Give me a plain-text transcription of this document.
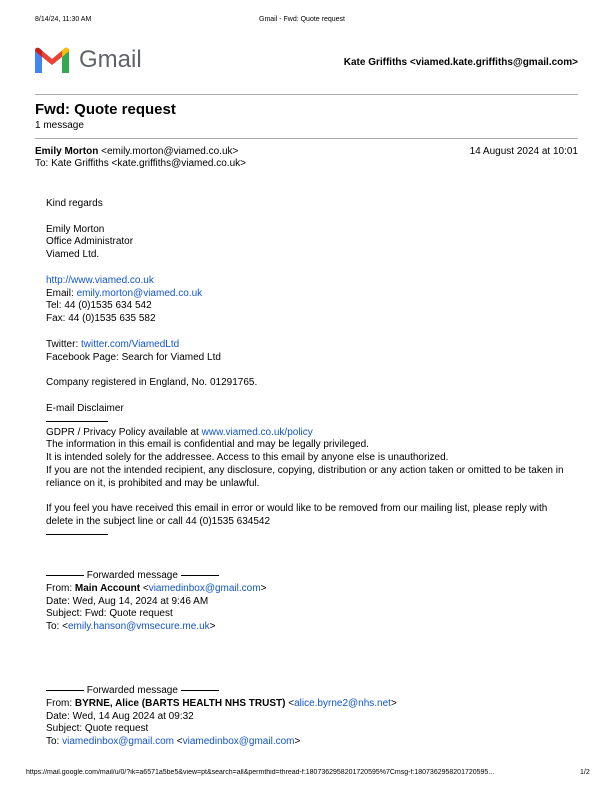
8/14/24, 11:30 AM	Gmail - Fwd: Quote request
Gmail	Kate Griffiths <viamed.kate.griffiths@gmail.com>
Fwd: Quote request
1 message
Emily Morton <emily.morton@viamed.co.uk>	14 August 2024 at 10:01
To: Kate Griffiths <kate.griffiths@viamed.co.uk>
Kind regards
Emily Morton
Office Administrator
Viamed Ltd.
http://www.viamed.co.uk
Email: emily.morton@viamed.co.uk
Tel: 44 (0)1535 634 542
Fax: 44 (0)1535 635 582
Twitter: twitter.com/ViamedLtd
Facebook Page: Search for Viamed Ltd
Company registered in England, No. 01291765.
E-mail Disclaimer
GDPR / Privacy Policy available at www.viamed.co.uk/policy
The information in this email is confidential and may be legally privileged.
It is intended solely for the addressee. Access to this email by anyone else is unauthorized.
If you are not the intended recipient, any disclosure, copying, distribution or any action taken or omitted to be taken in reliance on it, is prohibited and may be unlawful.
If you feel you have received this email in error or would like to be removed from our mailing list, please reply with delete in the subject line or call 44 (0)1535 634542
Forwarded message
From: Main Account <viamedinbox@gmail.com>
Date: Wed, Aug 14, 2024 at 9:46 AM
Subject: Fwd: Quote request
To: <emily.hanson@vmsecure.me.uk>
Forwarded message
From: BYRNE, Alice (BARTS HEALTH NHS TRUST) <alice.byrne2@nhs.net>
Date: Wed, 14 Aug 2024 at 09:32
Subject: Quote request
To: viamedinbox@gmail.com <viamedinbox@gmail.com>
https://mail.google.com/mail/u/0/?ik=a6571a5be5&view=pt&search=all&permthid=thread-f:1807362958201720595%7Cmsg-f:1807362958201720595...	1/2
